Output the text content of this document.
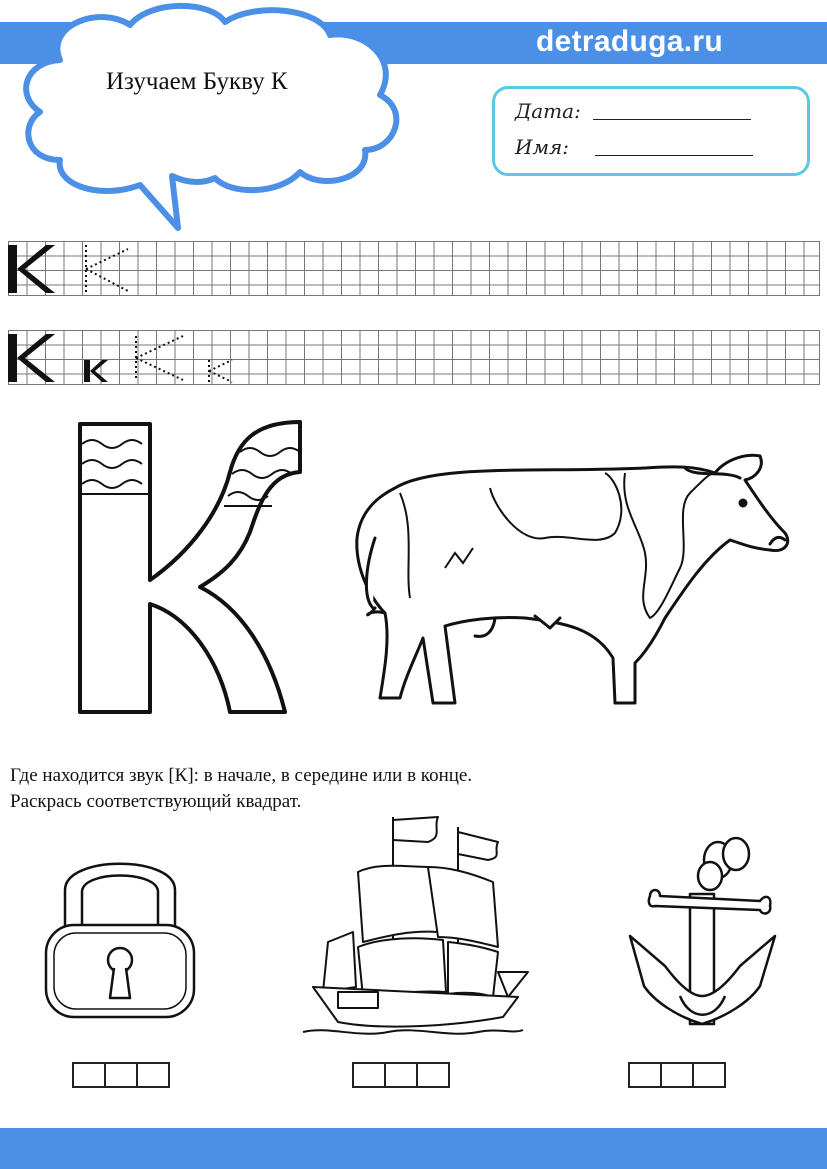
detraduga.ru
Изучаем Букву К
Дата:
Имя:
Где находится звук [К]: в начале, в середине или в конце.
Раскрась соответствующий квадрат.
